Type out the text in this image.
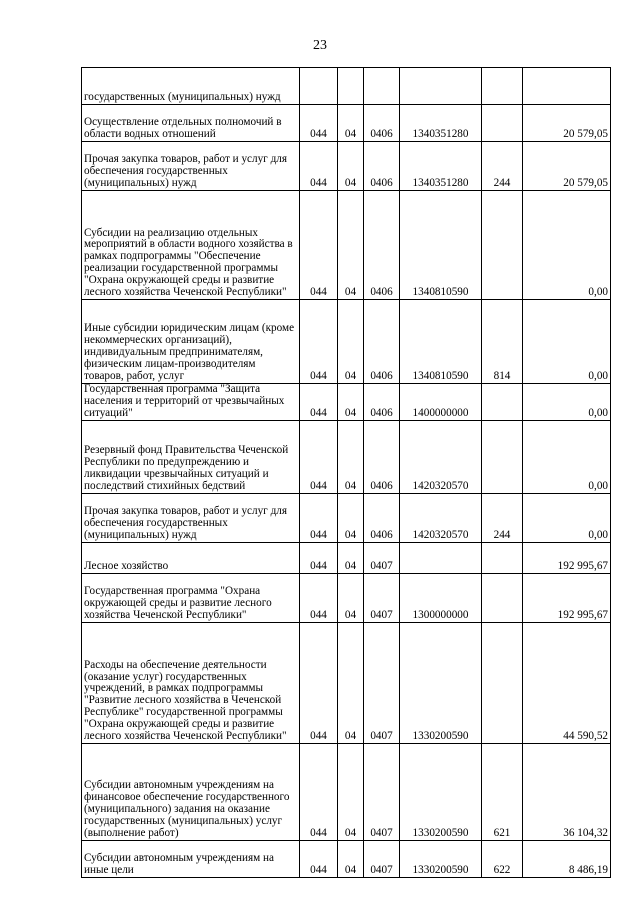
23
государственных (муниципальных) нужд						
Осуществление отдельных полномочий в области водных отношений	044	04	0406	1340351280		20 579,05
Прочая закупка товаров, работ и услуг для обеспечения государственных (муниципальных) нужд	044	04	0406	1340351280	244	20 579,05
Субсидии на реализацию отдельных мероприятий в области водного хозяйства в рамках подпрограммы "Обеспечение реализации государственной программы "Охрана окружающей среды и развитие лесного хозяйства Чеченской Республики"	044	04	0406	1340810590		0,00
Иные субсидии юридическим лицам (кроме некоммерческих организаций), индивидуальным предпринимателям, физическим лицам-производителям товаров, работ, услуг	044	04	0406	1340810590	814	0,00
Государственная программа "Защита населения и территорий от чрезвычайных ситуаций"	044	04	0406	1400000000		0,00
Резервный фонд Правительства Чеченской Республики по предупреждению и ликвидации чрезвычайных ситуаций и последствий стихийных бедствий	044	04	0406	1420320570		0,00
Прочая закупка товаров, работ и услуг для обеспечения государственных (муниципальных) нужд	044	04	0406	1420320570	244	0,00
Лесное хозяйство	044	04	0407			192 995,67
Государственная программа "Охрана окружающей среды и развитие лесного хозяйства Чеченской Республики"	044	04	0407	1300000000		192 995,67
Расходы на обеспечение деятельности (оказание услуг) государственных учреждений, в рамках подпрограммы "Развитие лесного хозяйства в Чеченской Республике" государственной программы "Охрана окружающей среды и развитие лесного хозяйства Чеченской Республики"	044	04	0407	1330200590		44 590,52
Субсидии автономным учреждениям на финансовое обеспечение государственного (муниципального) задания на оказание государственных (муниципальных) услуг (выполнение работ)	044	04	0407	1330200590	621	36 104,32
Субсидии автономным учреждениям на иные цели	044	04	0407	1330200590	622	8 486,19
